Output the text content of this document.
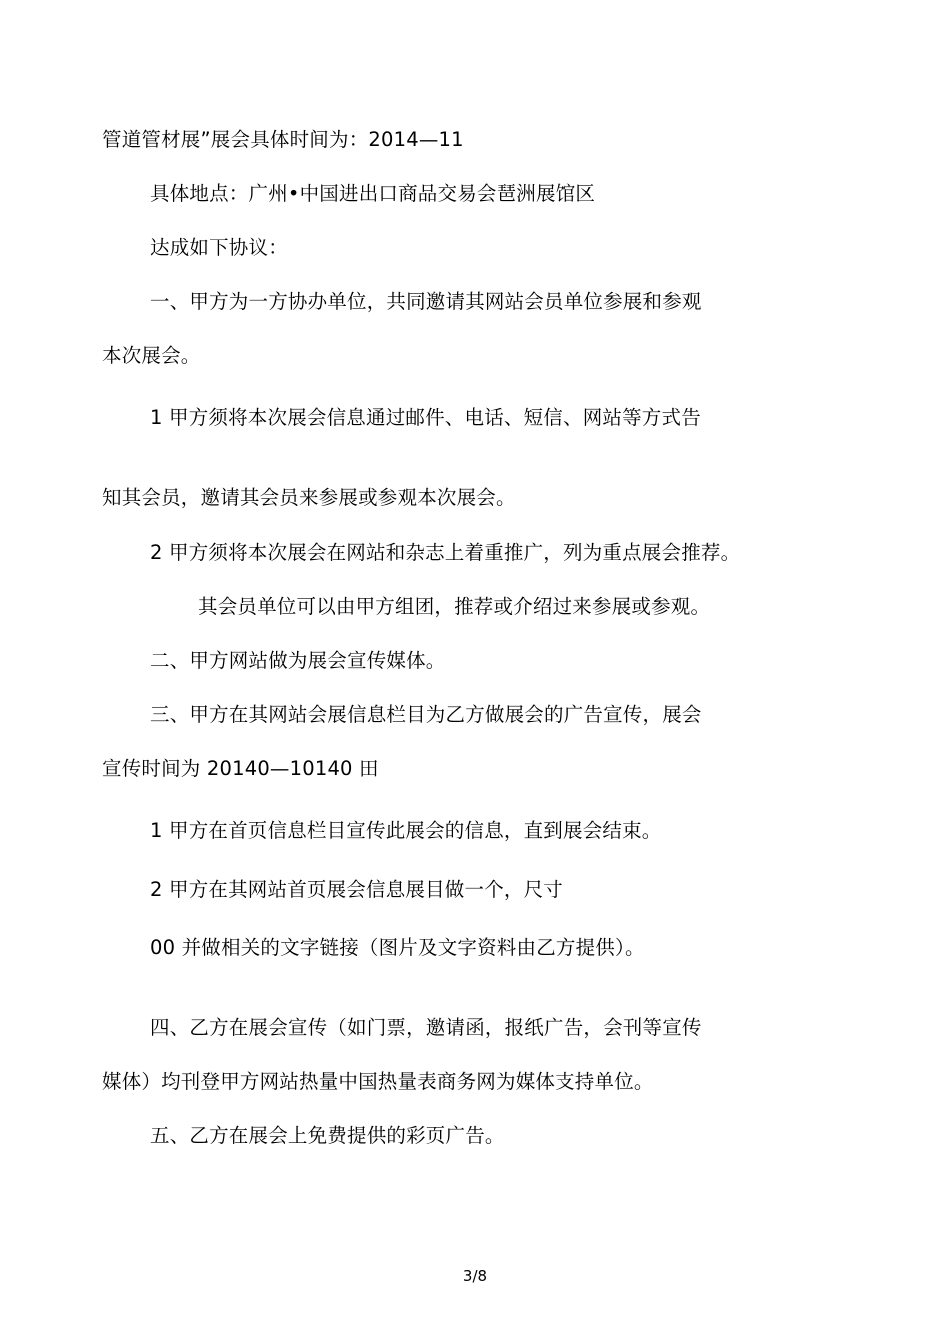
管道管材展”展会具体时间为：2014—11
具体地点：广州•中国进出口商品交易会琶洲展馆区
达成如下协议：
一、甲方为一方协办单位，共同邀请其网站会员单位参展和参观
本次展会。
1 甲方须将本次展会信息通过邮件、电话、短信、网站等方式告
知其会员，邀请其会员来参展或参观本次展会。
2 甲方须将本次展会在网站和杂志上着重推广，列为重点展会推荐。
其会员单位可以由甲方组团，推荐或介绍过来参展或参观。
二、甲方网站做为展会宣传媒体。
三、甲方在其网站会展信息栏目为乙方做展会的广告宣传，展会
宣传时间为 20140—10140 田
1 甲方在首页信息栏目宣传此展会的信息，直到展会结束。
2 甲方在其网站首页展会信息展目做一个，尺寸
00 并做相关的文字链接（图片及文字资料由乙方提供）。
四、乙方在展会宣传（如门票，邀请函，报纸广告，会刊等宣传
媒体）均刊登甲方网站热量中国热量表商务网为媒体支持单位。
五、乙方在展会上免费提供的彩页广告。
3/8
